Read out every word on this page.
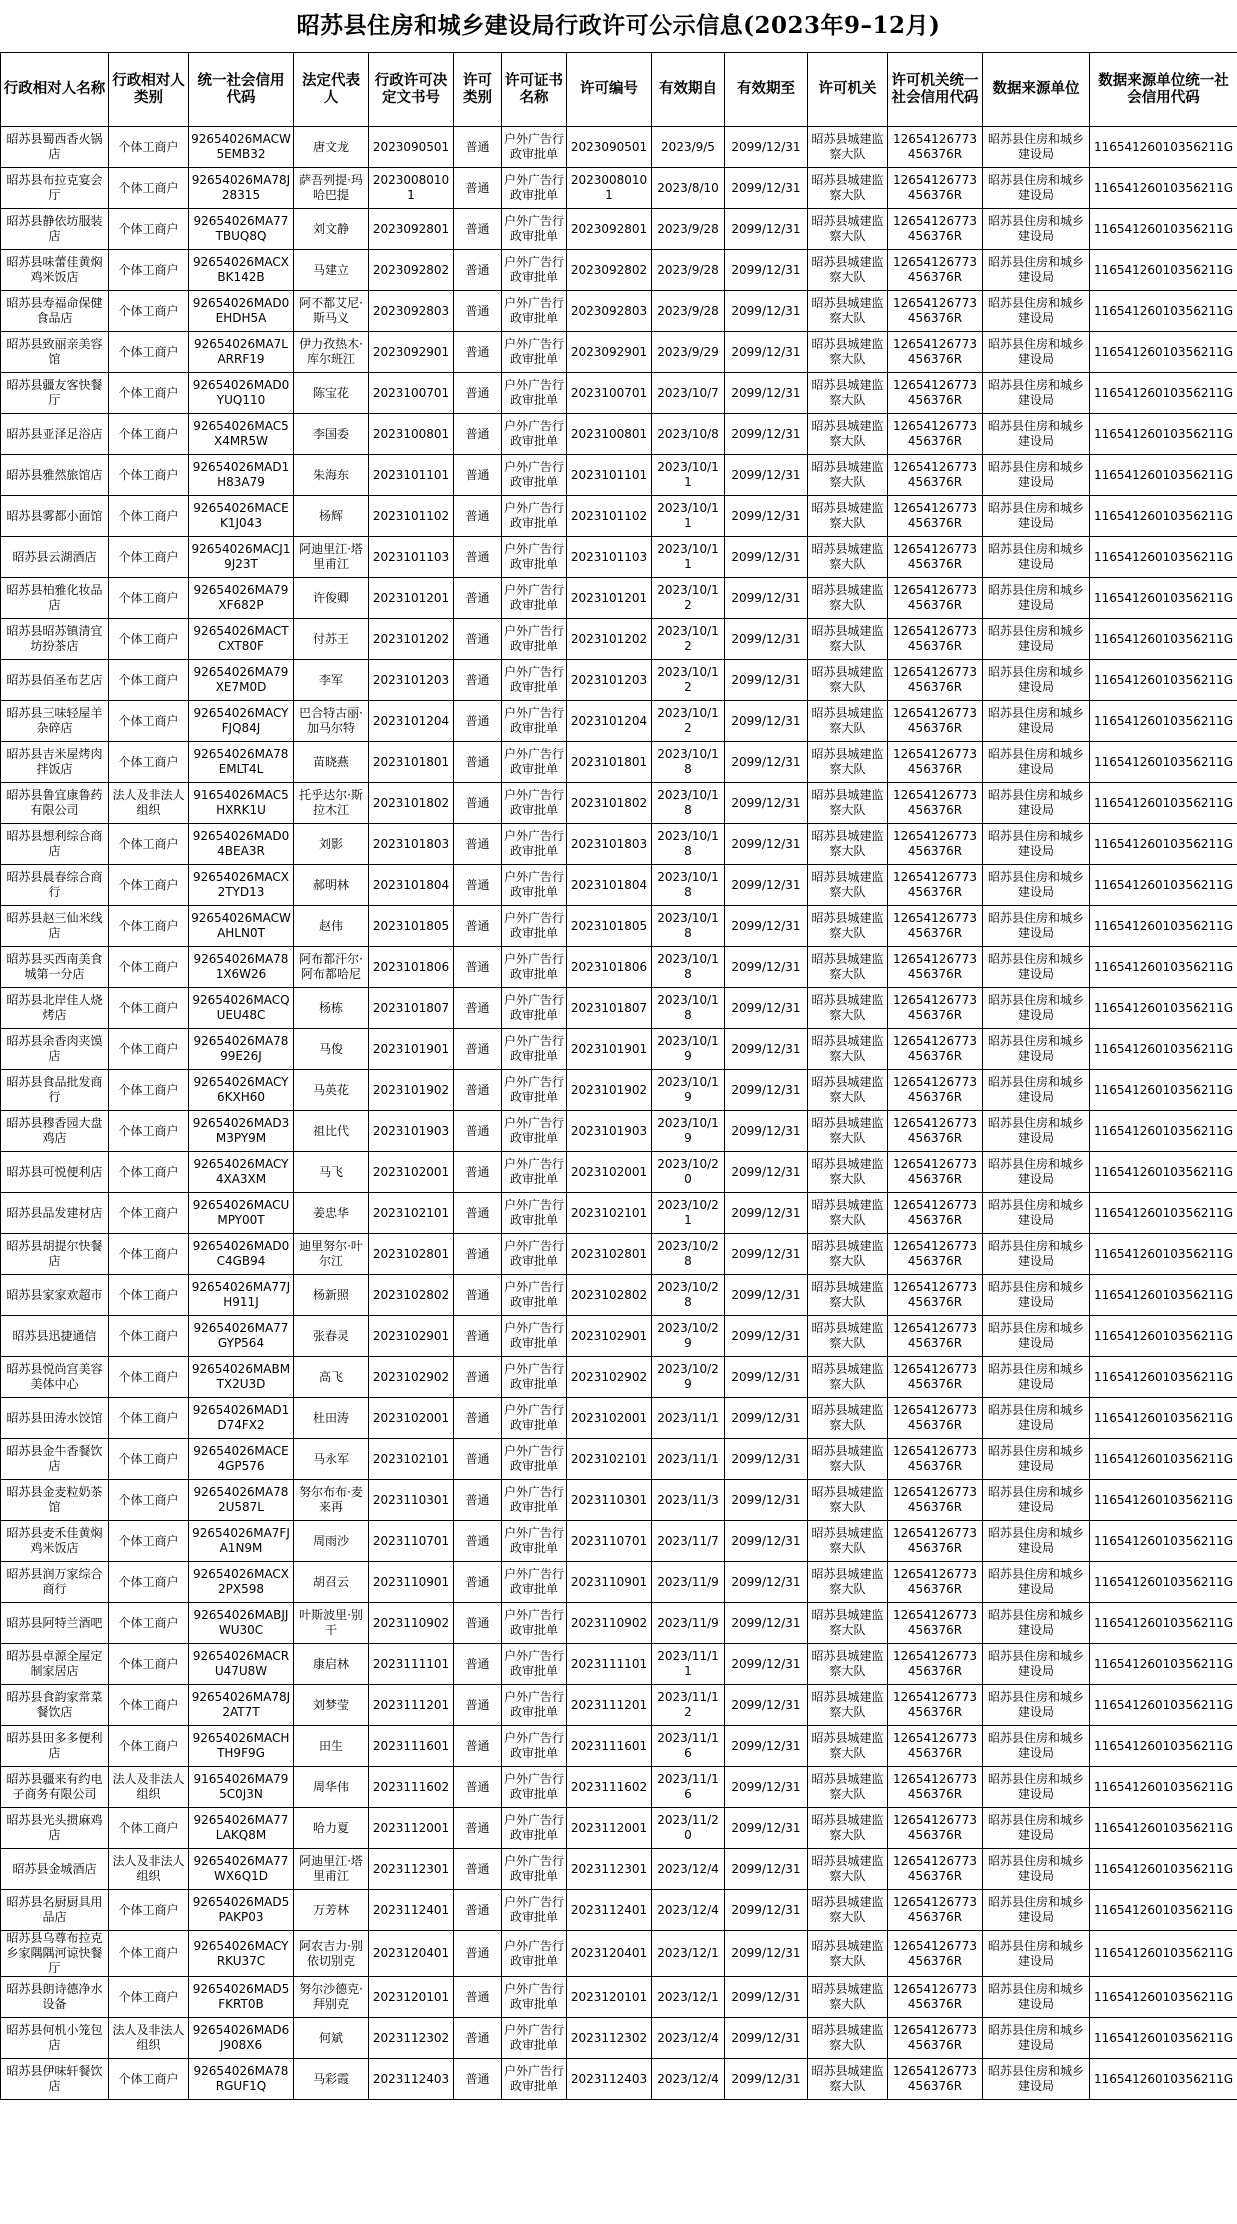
昭苏县住房和城乡建设局行政许可公示信息(2023年9–12月)
行政相对人名称	行政相对人类别	统一社会信用代码	法定代表人	行政许可决定文书号	许可类别	许可证书名称	许可编号	有效期自	有效期至	许可机关	许可机关统一社会信用代码	数据来源单位	数据来源单位统一社会信用代码
昭苏县蜀西香火锅店	个体工商户	92654026MACW5EMB32	唐文龙	2023090501	普通	户外广告行政审批单	2023090501	2023/9/5	2099/12/31	昭苏县城建监察大队	12654126773456376R	昭苏县住房和城乡建设局	11654126010356211G
昭苏县布拉克宴会厅	个体工商户	92654026MA78J28315	萨吾列提·玛哈巴提	20230080101	普通	户外广告行政审批单	20230080101	2023/8/10	2099/12/31	昭苏县城建监察大队	12654126773456376R	昭苏县住房和城乡建设局	11654126010356211G
昭苏县静依坊服装店	个体工商户	92654026MA77TBUQ8Q	刘文静	2023092801	普通	户外广告行政审批单	2023092801	2023/9/28	2099/12/31	昭苏县城建监察大队	12654126773456376R	昭苏县住房和城乡建设局	11654126010356211G
昭苏县味蕾佳黄焖鸡米饭店	个体工商户	92654026MACXBK142B	马建立	2023092802	普通	户外广告行政审批单	2023092802	2023/9/28	2099/12/31	昭苏县城建监察大队	12654126773456376R	昭苏县住房和城乡建设局	11654126010356211G
昭苏县寿福命保健食品店	个体工商户	92654026MAD0EHDH5A	阿不都艾尼·斯马义	2023092803	普通	户外广告行政审批单	2023092803	2023/9/28	2099/12/31	昭苏县城建监察大队	12654126773456376R	昭苏县住房和城乡建设局	11654126010356211G
昭苏县致丽亲美容馆	个体工商户	92654026MA7LARRF19	伊力孜热木·库尔班江	2023092901	普通	户外广告行政审批单	2023092901	2023/9/29	2099/12/31	昭苏县城建监察大队	12654126773456376R	昭苏县住房和城乡建设局	11654126010356211G
昭苏县疆友客快餐厅	个体工商户	92654026MAD0YUQ110	陈宝花	2023100701	普通	户外广告行政审批单	2023100701	2023/10/7	2099/12/31	昭苏县城建监察大队	12654126773456376R	昭苏县住房和城乡建设局	11654126010356211G
昭苏县亚泽足浴店	个体工商户	92654026MAC5X4MR5W	李国委	2023100801	普通	户外广告行政审批单	2023100801	2023/10/8	2099/12/31	昭苏县城建监察大队	12654126773456376R	昭苏县住房和城乡建设局	11654126010356211G
昭苏县雅然旅馆店	个体工商户	92654026MAD1H83A79	朱海东	2023101101	普通	户外广告行政审批单	2023101101	2023/10/11	2099/12/31	昭苏县城建监察大队	12654126773456376R	昭苏县住房和城乡建设局	11654126010356211G
昭苏县雾都小面馆	个体工商户	92654026MACEK1J043	杨辉	2023101102	普通	户外广告行政审批单	2023101102	2023/10/11	2099/12/31	昭苏县城建监察大队	12654126773456376R	昭苏县住房和城乡建设局	11654126010356211G
昭苏县云湖酒店	个体工商户	92654026MACJ19J23T	阿迪里江·塔里甫江	2023101103	普通	户外广告行政审批单	2023101103	2023/10/11	2099/12/31	昭苏县城建监察大队	12654126773456376R	昭苏县住房和城乡建设局	11654126010356211G
昭苏县柏雅化妆品店	个体工商户	92654026MA79XF682P	许俊卿	2023101201	普通	户外广告行政审批单	2023101201	2023/10/12	2099/12/31	昭苏县城建监察大队	12654126773456376R	昭苏县住房和城乡建设局	11654126010356211G
昭苏县昭苏镇清宜坊扮茶店	个体工商户	92654026MACTCXT80F	付苏王	2023101202	普通	户外广告行政审批单	2023101202	2023/10/12	2099/12/31	昭苏县城建监察大队	12654126773456376R	昭苏县住房和城乡建设局	11654126010356211G
昭苏县佰圣布艺店	个体工商户	92654026MA79XE7M0D	李军	2023101203	普通	户外广告行政审批单	2023101203	2023/10/12	2099/12/31	昭苏县城建监察大队	12654126773456376R	昭苏县住房和城乡建设局	11654126010356211G
昭苏县三味轻屋羊杂碎店	个体工商户	92654026MACYFJQ84J	巴合特古丽·加马尔特	2023101204	普通	户外广告行政审批单	2023101204	2023/10/12	2099/12/31	昭苏县城建监察大队	12654126773456376R	昭苏县住房和城乡建设局	11654126010356211G
昭苏县吉米屋烤肉拌饭店	个体工商户	92654026MA78EMLT4L	苗晓燕	2023101801	普通	户外广告行政审批单	2023101801	2023/10/18	2099/12/31	昭苏县城建监察大队	12654126773456376R	昭苏县住房和城乡建设局	11654126010356211G
昭苏县鲁宜康鲁药有限公司	法人及非法人组织	91654026MAC5HXRK1U	托乎达尔·斯拉木江	2023101802	普通	户外广告行政审批单	2023101802	2023/10/18	2099/12/31	昭苏县城建监察大队	12654126773456376R	昭苏县住房和城乡建设局	11654126010356211G
昭苏县想利综合商店	个体工商户	92654026MAD04BEA3R	刘影	2023101803	普通	户外广告行政审批单	2023101803	2023/10/18	2099/12/31	昭苏县城建监察大队	12654126773456376R	昭苏县住房和城乡建设局	11654126010356211G
昭苏县晨春综合商行	个体工商户	92654026MACX2TYD13	郝明林	2023101804	普通	户外广告行政审批单	2023101804	2023/10/18	2099/12/31	昭苏县城建监察大队	12654126773456376R	昭苏县住房和城乡建设局	11654126010356211G
昭苏县赵三仙米线店	个体工商户	92654026MACWAHLN0T	赵伟	2023101805	普通	户外广告行政审批单	2023101805	2023/10/18	2099/12/31	昭苏县城建监察大队	12654126773456376R	昭苏县住房和城乡建设局	11654126010356211G
昭苏县买西南美食城第一分店	个体工商户	92654026MA781X6W26	阿布都汗尔·阿布都哈尼	2023101806	普通	户外广告行政审批单	2023101806	2023/10/18	2099/12/31	昭苏县城建监察大队	12654126773456376R	昭苏县住房和城乡建设局	11654126010356211G
昭苏县北岸佳人烧烤店	个体工商户	92654026MACQUEU48C	杨栋	2023101807	普通	户外广告行政审批单	2023101807	2023/10/18	2099/12/31	昭苏县城建监察大队	12654126773456376R	昭苏县住房和城乡建设局	11654126010356211G
昭苏县余香肉夹馍店	个体工商户	92654026MA7899E26J	马俊	2023101901	普通	户外广告行政审批单	2023101901	2023/10/19	2099/12/31	昭苏县城建监察大队	12654126773456376R	昭苏县住房和城乡建设局	11654126010356211G
昭苏县食品批发商行	个体工商户	92654026MACY6KXH60	马英花	2023101902	普通	户外广告行政审批单	2023101902	2023/10/19	2099/12/31	昭苏县城建监察大队	12654126773456376R	昭苏县住房和城乡建设局	11654126010356211G
昭苏县穆香园大盘鸡店	个体工商户	92654026MAD3M3PY9M	祖比代	2023101903	普通	户外广告行政审批单	2023101903	2023/10/19	2099/12/31	昭苏县城建监察大队	12654126773456376R	昭苏县住房和城乡建设局	11654126010356211G
昭苏县可悦便利店	个体工商户	92654026MACY4XA3XM	马飞	2023102001	普通	户外广告行政审批单	2023102001	2023/10/20	2099/12/31	昭苏县城建监察大队	12654126773456376R	昭苏县住房和城乡建设局	11654126010356211G
昭苏县品发建材店	个体工商户	92654026MACUMPY00T	姜忠华	2023102101	普通	户外广告行政审批单	2023102101	2023/10/21	2099/12/31	昭苏县城建监察大队	12654126773456376R	昭苏县住房和城乡建设局	11654126010356211G
昭苏县胡提尔快餐店	个体工商户	92654026MAD0C4GB94	迪里努尔·叶尔江	2023102801	普通	户外广告行政审批单	2023102801	2023/10/28	2099/12/31	昭苏县城建监察大队	12654126773456376R	昭苏县住房和城乡建设局	11654126010356211G
昭苏县家家欢超市	个体工商户	92654026MA77JH911J	杨新照	2023102802	普通	户外广告行政审批单	2023102802	2023/10/28	2099/12/31	昭苏县城建监察大队	12654126773456376R	昭苏县住房和城乡建设局	11654126010356211G
昭苏县迅捷通信	个体工商户	92654026MA77GYP564	张春灵	2023102901	普通	户外广告行政审批单	2023102901	2023/10/29	2099/12/31	昭苏县城建监察大队	12654126773456376R	昭苏县住房和城乡建设局	11654126010356211G
昭苏县悦尚宫美容美体中心	个体工商户	92654026MABMTX2U3D	高飞	2023102902	普通	户外广告行政审批单	2023102902	2023/10/29	2099/12/31	昭苏县城建监察大队	12654126773456376R	昭苏县住房和城乡建设局	11654126010356211G
昭苏县田涛水饺馆	个体工商户	92654026MAD1D74FX2	杜田涛	2023102001	普通	户外广告行政审批单	2023102001	2023/11/1	2099/12/31	昭苏县城建监察大队	12654126773456376R	昭苏县住房和城乡建设局	11654126010356211G
昭苏县金牛香餐饮店	个体工商户	92654026MACE4GP576	马永军	2023102101	普通	户外广告行政审批单	2023102101	2023/11/1	2099/12/31	昭苏县城建监察大队	12654126773456376R	昭苏县住房和城乡建设局	11654126010356211G
昭苏县金麦粒奶茶馆	个体工商户	92654026MA782U587L	努尔布布·麦来再	2023110301	普通	户外广告行政审批单	2023110301	2023/11/3	2099/12/31	昭苏县城建监察大队	12654126773456376R	昭苏县住房和城乡建设局	11654126010356211G
昭苏县麦禾佳黄焖鸡米饭店	个体工商户	92654026MA7FJA1N9M	周雨沙	2023110701	普通	户外广告行政审批单	2023110701	2023/11/7	2099/12/31	昭苏县城建监察大队	12654126773456376R	昭苏县住房和城乡建设局	11654126010356211G
昭苏县润万家综合商行	个体工商户	92654026MACX2PX598	胡召云	2023110901	普通	户外广告行政审批单	2023110901	2023/11/9	2099/12/31	昭苏县城建监察大队	12654126773456376R	昭苏县住房和城乡建设局	11654126010356211G
昭苏县阿特兰酒吧	个体工商户	92654026MABJJWU30C	叶斯波里·别干	2023110902	普通	户外广告行政审批单	2023110902	2023/11/9	2099/12/31	昭苏县城建监察大队	12654126773456376R	昭苏县住房和城乡建设局	11654126010356211G
昭苏县卓源全屋定制家居店	个体工商户	92654026MACRU47U8W	康启林	2023111101	普通	户外广告行政审批单	2023111101	2023/11/11	2099/12/31	昭苏县城建监察大队	12654126773456376R	昭苏县住房和城乡建设局	11654126010356211G
昭苏县食韵家常菜餐饮店	个体工商户	92654026MA78J2AT7T	刘梦莹	2023111201	普通	户外广告行政审批单	2023111201	2023/11/12	2099/12/31	昭苏县城建监察大队	12654126773456376R	昭苏县住房和城乡建设局	11654126010356211G
昭苏县田多多便利店	个体工商户	92654026MACHTH9F9G	田生	2023111601	普通	户外广告行政审批单	2023111601	2023/11/16	2099/12/31	昭苏县城建监察大队	12654126773456376R	昭苏县住房和城乡建设局	11654126010356211G
昭苏县疆来有约电子商务有限公司	法人及非法人组织	91654026MA795C0J3N	周华伟	2023111602	普通	户外广告行政审批单	2023111602	2023/11/16	2099/12/31	昭苏县城建监察大队	12654126773456376R	昭苏县住房和城乡建设局	11654126010356211G
昭苏县光头掼麻鸡店	个体工商户	92654026MA77LAKQ8M	哈力夏	2023112001	普通	户外广告行政审批单	2023112001	2023/11/20	2099/12/31	昭苏县城建监察大队	12654126773456376R	昭苏县住房和城乡建设局	11654126010356211G
昭苏县金城酒店	法人及非法人组织	92654026MA77WX6Q1D	阿迪里江·塔里甫江	2023112301	普通	户外广告行政审批单	2023112301	2023/12/4	2099/12/31	昭苏县城建监察大队	12654126773456376R	昭苏县住房和城乡建设局	11654126010356211G
昭苏县名厨厨具用品店	个体工商户	92654026MAD5PAKP03	万芳林	2023112401	普通	户外广告行政审批单	2023112401	2023/12/4	2099/12/31	昭苏县城建监察大队	12654126773456376R	昭苏县住房和城乡建设局	11654126010356211G
昭苏县乌尊布拉克乡家隅隅河谅快餐厅	个体工商户	92654026MACYRKU37C	阿农吉力·别依切别克	2023120401	普通	户外广告行政审批单	2023120401	2023/12/1	2099/12/31	昭苏县城建监察大队	12654126773456376R	昭苏县住房和城乡建设局	11654126010356211G
昭苏县朗诗德净水设备	个体工商户	92654026MAD5FKRT0B	努尔沙德克·拜别克	2023120101	普通	户外广告行政审批单	2023120101	2023/12/1	2099/12/31	昭苏县城建监察大队	12654126773456376R	昭苏县住房和城乡建设局	11654126010356211G
昭苏县何机小笼包店	法人及非法人组织	92654026MAD6J908X6	何斌	2023112302	普通	户外广告行政审批单	2023112302	2023/12/4	2099/12/31	昭苏县城建监察大队	12654126773456376R	昭苏县住房和城乡建设局	11654126010356211G
昭苏县伊味轩餐饮店	个体工商户	92654026MA78RGUF1Q	马彩霞	2023112403	普通	户外广告行政审批单	2023112403	2023/12/4	2099/12/31	昭苏县城建监察大队	12654126773456376R	昭苏县住房和城乡建设局	11654126010356211G
